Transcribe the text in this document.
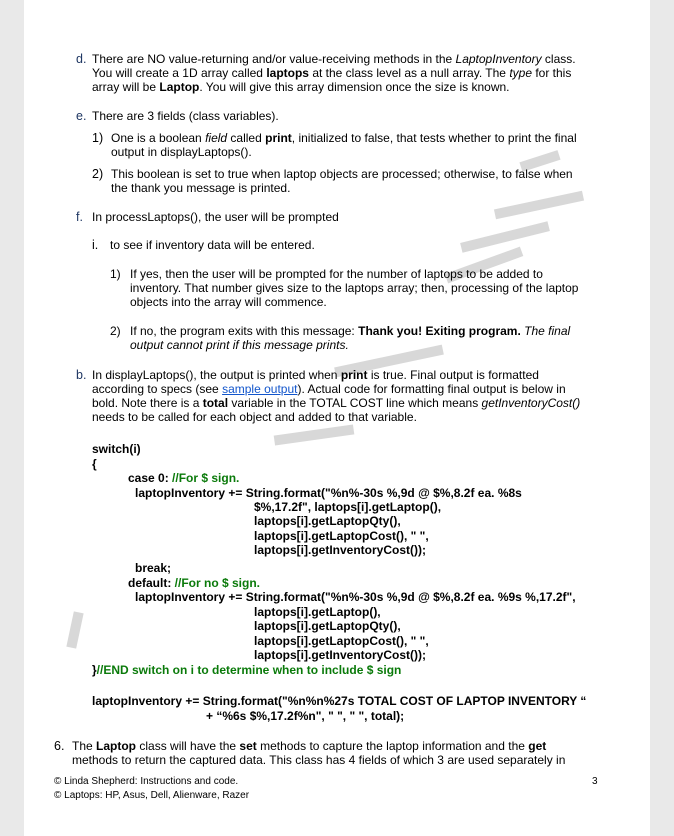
d. There are NO value-returning and/or value-receiving methods in the LaptopInventory class.
You will create a 1D array called laptops at the class level as a null array. The type for this
array will be Laptop. You will give this array dimension once the size is known.
e. There are 3 fields (class variables).
1) One is a boolean field called print, initialized to false, that tests whether to print the final
output in displayLaptops().
2) This boolean is set to true when laptop objects are processed; otherwise, to false when
the thank you message is printed.
f. In processLaptops(), the user will be prompted
i. to see if inventory data will be entered.
1) If yes, then the user will be prompted for the number of laptops to be added to
inventory. That number gives size to the laptops array; then, processing of the laptop
objects into the array will commence.
2) If no, the program exits with this message: Thank you! Exiting program. The final
output cannot print if this message prints.
b. In displayLaptops(), the output is printed when print is true. Final output is formatted
according to specs (see sample output). Actual code for formatting final output is below in
bold. Note there is a total variable in the TOTAL COST line which means getInventoryCost()
needs to be called for each object and added to that variable.
switch(i)
{
case 0: //For $ sign.
laptopInventory += String.format("%n%-30s %,9d @ $%,8.2f ea. %8s
$%,17.2f", laptops[i].getLaptop(),
laptops[i].getLaptopQty(),
laptops[i].getLaptopCost(), " ",
laptops[i].getInventoryCost());
break;
default: //For no $ sign.
laptopInventory += String.format("%n%-30s %,9d @ $%,8.2f ea. %9s %,17.2f",
laptops[i].getLaptop(),
laptops[i].getLaptopQty(),
laptops[i].getLaptopCost(), " ",
laptops[i].getInventoryCost());
}//END switch on i to determine when to include $ sign
laptopInventory += String.format("%n%n%27s TOTAL COST OF LAPTOP INVENTORY “
+ “%6s $%,17.2f%n", " ", " ", total);
6. The Laptop class will have the set methods to capture the laptop information and the get
methods to return the captured data. This class has 4 fields of which 3 are used separately in
© Linda Shepherd: Instructions and code.
© Laptops: HP, Asus, Dell, Alienware, Razer
3
